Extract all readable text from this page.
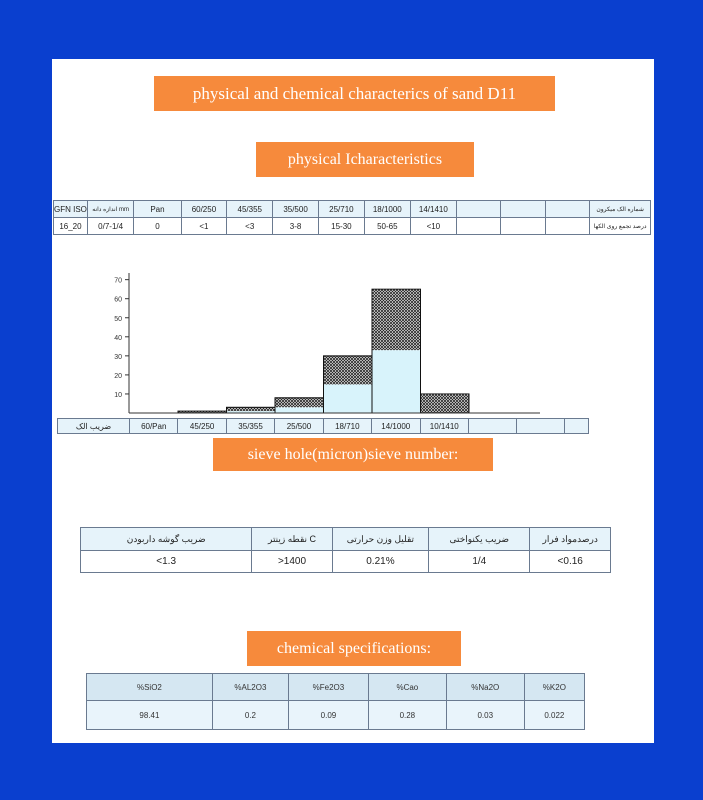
physical and chemical characterics of sand D11
physical Icharacteristics
GFN ISO	mm اندازه دانه	Pan	60/250	45/355	35/500	25/710	18/1000	14/1410				شماره الک میکرون
16_20	0/7-1/4	0	<1	<3	3-8	15-30	50-65	<10				درصد تجمع روی الکها
10
20
30
40
50
60
70
ضریب الک	60/Pan	45/250	35/355	25/500	18/710	14/1000	10/1410			
sieve hole(micron)sieve number:
ضریب گوشه داربودن	نقطه زینتر C	تقلیل وزن حرارتی	ضریب یکنواختی	درصدمواد فرار
<1.3	>1400	0.21%	1/4	<0.16
chemical specifications:
%SiO2	%AL2O3	%Fe2O3	%Cao	%Na2O	%K2O
98.41	0.2	0.09	0.28	0.03	0.022
